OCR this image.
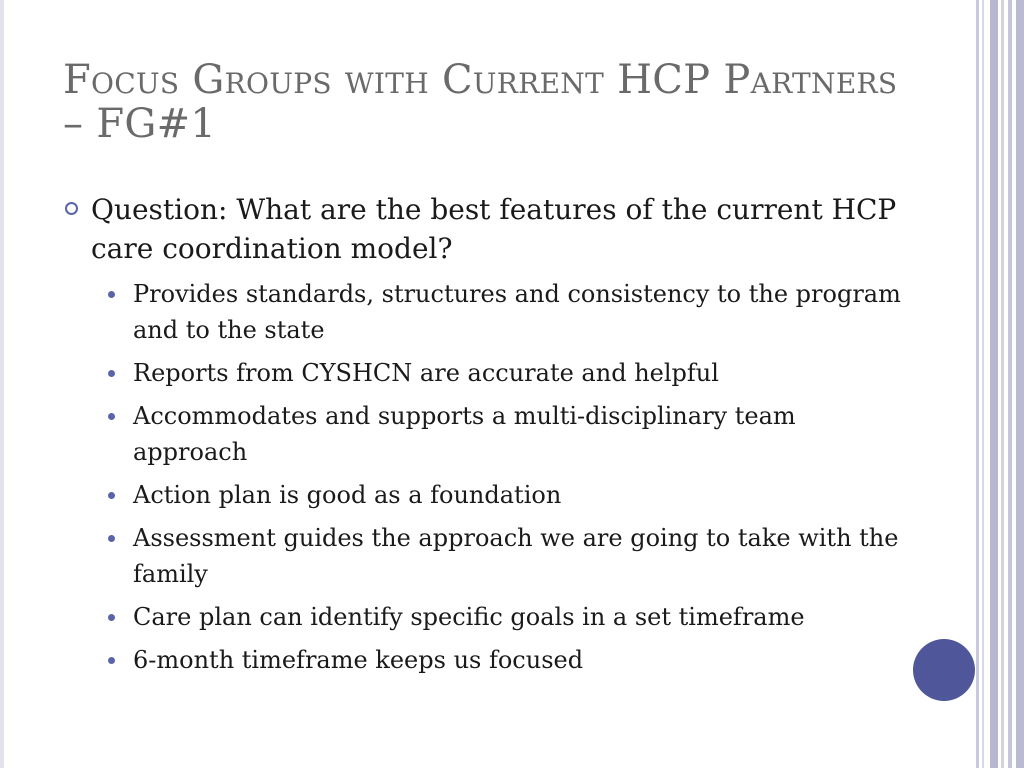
Focus Groups with Current HCP Partners – FG#1
Question: What are the best features of the current HCP care coordination model?
Provides standards, structures and consistency to the program and to the state
Reports from CYSHCN are accurate and helpful
Accommodates and supports a multi-disciplinary team approach
Action plan is good as a foundation
Assessment guides the approach we are going to take with the family
Care plan can identify specific goals in a set timeframe
6-month timeframe keeps us focused
